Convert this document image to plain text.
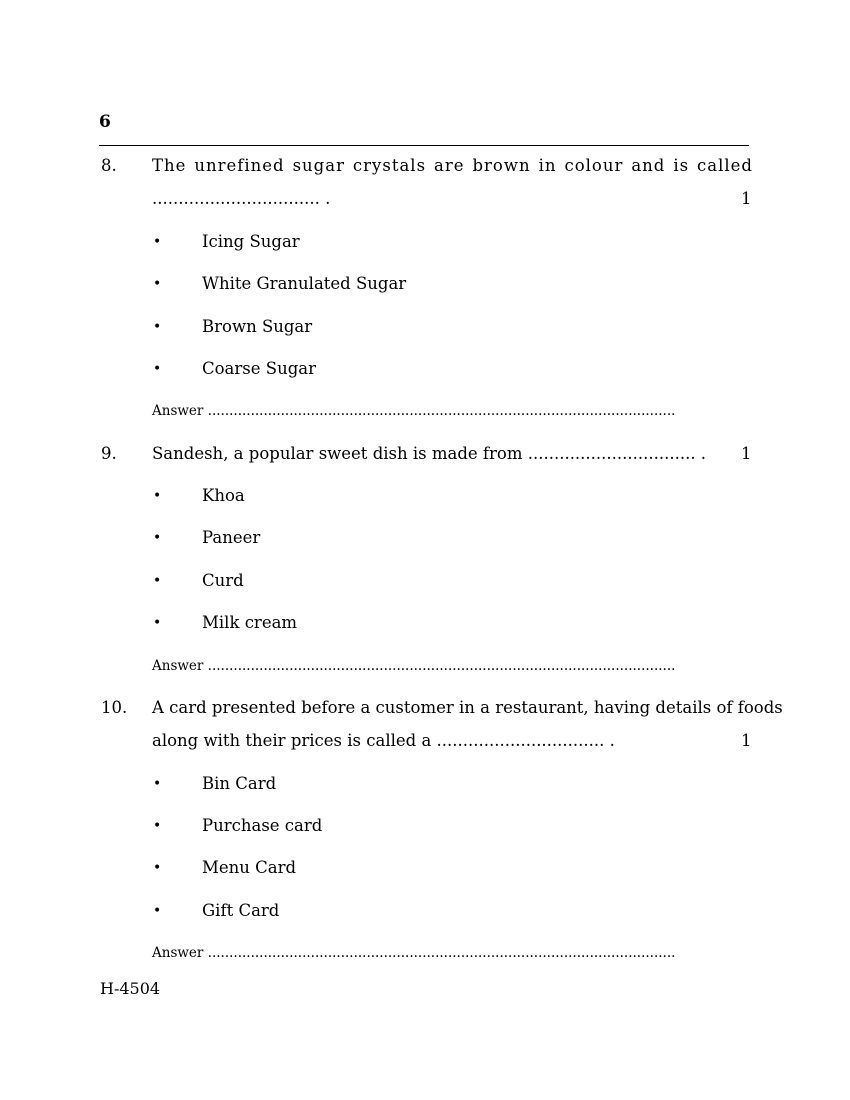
6
8. The unrefined sugar crystals are brown in colour and is called
................................ .	1
• Icing Sugar
• White Granulated Sugar
• Brown Sugar
• Coarse Sugar
Answer .............................................................................................................
9. Sandesh, a popular sweet dish is made from ................................ . 1
• Khoa
• Paneer
• Curd
• Milk cream
Answer .............................................................................................................
10. A card presented before a customer in a restaurant, having details of foods
along with their prices is called a ................................ .	1
• Bin Card
• Purchase card
• Menu Card
• Gift Card
Answer .............................................................................................................
H-4504
